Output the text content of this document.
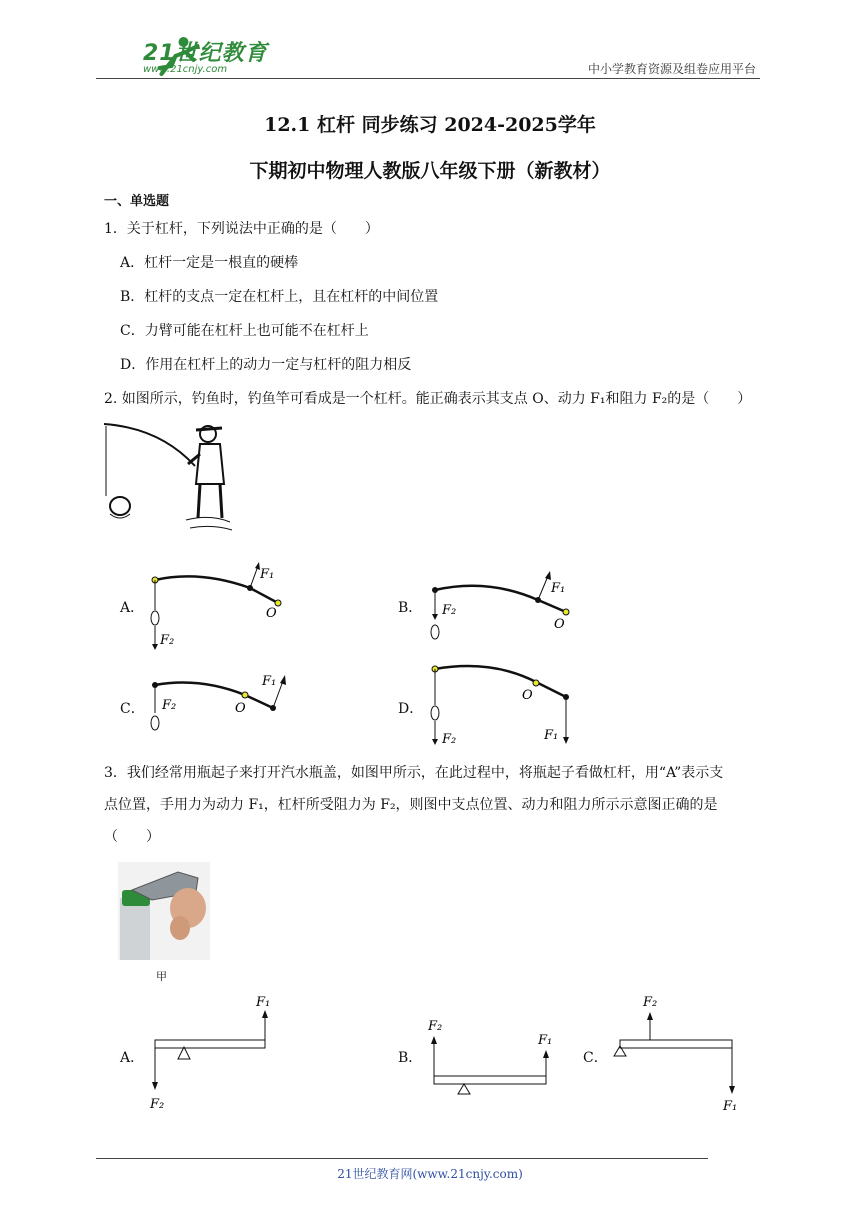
21世纪教育
www.21cnjy.com	中小学教育资源及组卷应用平台
12.1 杠杆 同步练习 2024-2025学年
下期初中物理人教版八年级下册（新教材）
一、单选题
1．关于杠杆，下列说法中正确的是（　　）
A．杠杆一定是一根直的硬棒
B．杠杆的支点一定在杠杆上，且在杠杆的中间位置
C．力臂可能在杠杆上也可能不在杠杆上
D．作用在杠杆上的动力一定与杠杆的阻力相反
2. 如图所示，钓鱼时，钓鱼竿可看成是一个杠杆。能正确表示其支点 O、动力 F₁和阻力 F₂的是（　　）
A．
F₁
O
F₂
B．
F₁
O
F₂
C．
F₁
O
F₂	D．
O
F₂	F₁
3．我们经常用瓶起子来打开汽水瓶盖，如图甲所示，在此过程中，将瓶起子看做杠杆，用“A”表示支
点位置，手用力为动力 F₁，杠杆所受阻力为 F₂，则图中支点位置、动力和阻力所示示意图正确的是
（　　）
甲
A．
F₁
F₂
B．
F₂
F₁
C．
F₂
F₁
21世纪教育网(www.21cnjy.com)
